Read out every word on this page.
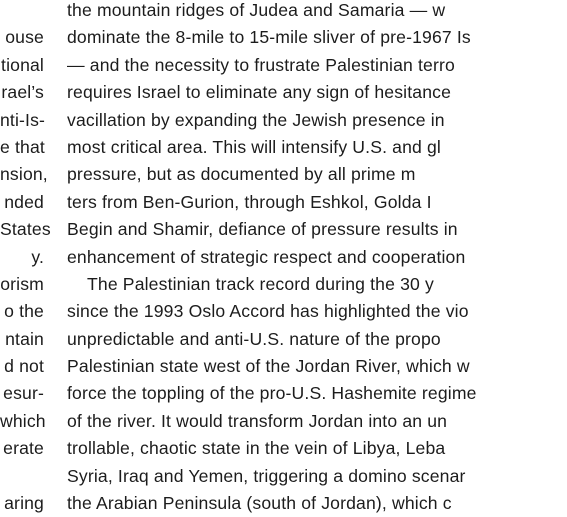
ouse
tional
rael’s
nti-Is-
e that
nsion,
nded
States
y.
orism
o the
ntain
d not
esur-
which
erate
aring
the mountain ridges of Judea and Samaria — w
dominate the 8-mile to 15-mile sliver of pre-1967 Is
— and the necessity to frustrate Palestinian terro
requires Israel to eliminate any sign of hesitance
vacillation by expanding the Jewish presence in
most critical area. This will intensify U.S. and gl
pressure, but as documented by all prime m
ters from Ben-Gurion, through Eshkol, Golda I
Begin and Shamir, defiance of pressure results in
enhancement of strategic respect and cooperation
The Palestinian track record during the 30 y
since the 1993 Oslo Accord has highlighted the vio
unpredictable and anti-U.S. nature of the propo
Palestinian state west of the Jordan River, which w
force the toppling of the pro-U.S. Hashemite regime
of the river. It would transform Jordan into an un
trollable, chaotic state in the vein of Libya, Leba
Syria, Iraq and Yemen, triggering a domino scenar
the Arabian Peninsula (south of Jordan), which c
